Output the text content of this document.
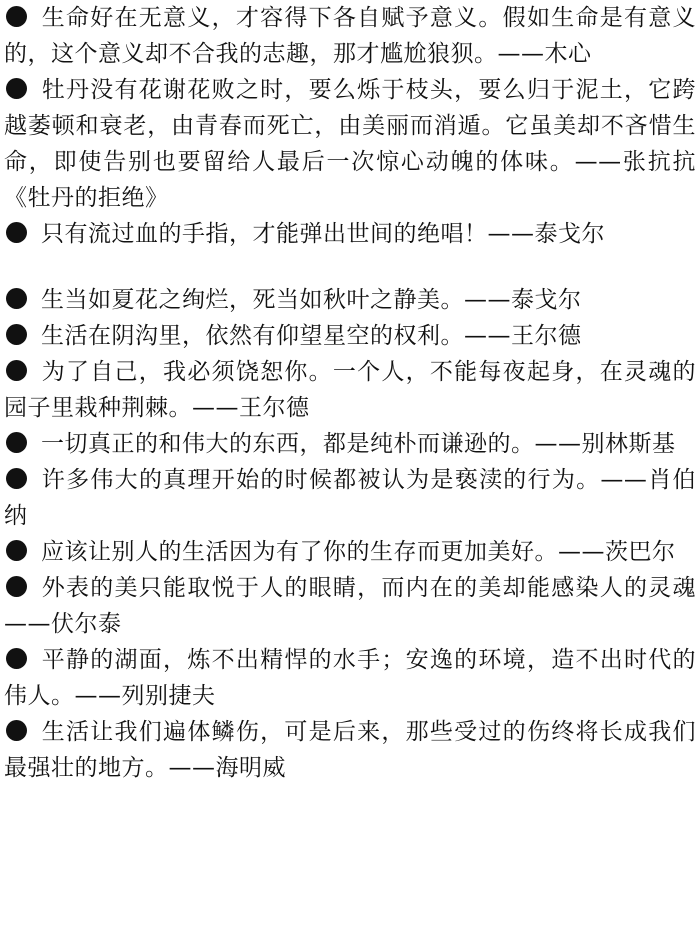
生命好在无意义，才容得下各自赋予意义。假如生命是有意义的，这个意义却不合我的志趣，那才尴尬狼狈。——木心
牡丹没有花谢花败之时，要么烁于枝头，要么归于泥土，它跨越萎顿和衰老，由青春而死亡，由美丽而消遁。它虽美却不吝惜生命，即使告别也要留给人最后一次惊心动魄的体味。——张抗抗 《牡丹的拒绝》
只有流过血的手指，才能弹出世间的绝唱！——泰戈尔
生当如夏花之绚烂，死当如秋叶之静美。——泰戈尔
生活在阴沟里，依然有仰望星空的权利。——王尔德
为了自己，我必须饶恕你。一个人，不能每夜起身，在灵魂的园子里栽种荆棘。——王尔德
一切真正的和伟大的东西，都是纯朴而谦逊的。——别林斯基
许多伟大的真理开始的时候都被认为是亵渎的行为。——肖伯纳
应该让别人的生活因为有了你的生存而更加美好。——茨巴尔
外表的美只能取悦于人的眼睛，而内在的美却能感染人的灵魂——伏尔泰
平静的湖面，炼不出精悍的水手；安逸的环境，造不出时代的伟人。——列别捷夫
生活让我们遍体鳞伤，可是后来，那些受过的伤终将长成我们最强壮的地方。——海明威
